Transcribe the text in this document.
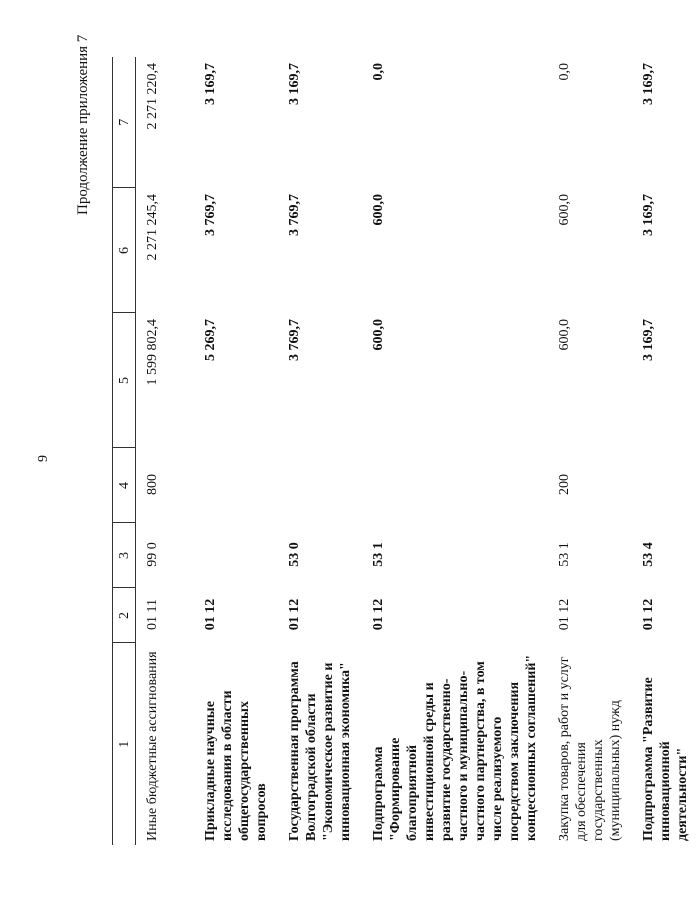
9
Продолжение приложения 7
1	2	3	4	5	6	7
Иные бюджетные ассигнования	01 11	99 0	800	1 599 802,4	2 271 245,4	2 271 220,4
Прикладные научные исследования в области общегосударственных вопросов	01 12			5 269,7	3 769,7	3 169,7
Государственная программа Волгоградской области "Экономическое развитие и инновационная экономика"	01 12	53 0		3 769,7	3 769,7	3 169,7
Подпрограмма "Формирование благоприятной инвестиционной среды и развитие государственно-частного и муниципально-частного партнерства, в том числе реализуемого посредством заключения концессионных соглашений"	01 12	53 1		600,0	600,0	0,0
Закупка товаров, работ и услуг для обеспечения государственных (муниципальных) нужд	01 12	53 1	200	600,0	600,0	0,0
Подпрограмма "Развитие инновационной деятельности"	01 12	53 4		3 169,7	3 169,7	3 169,7
